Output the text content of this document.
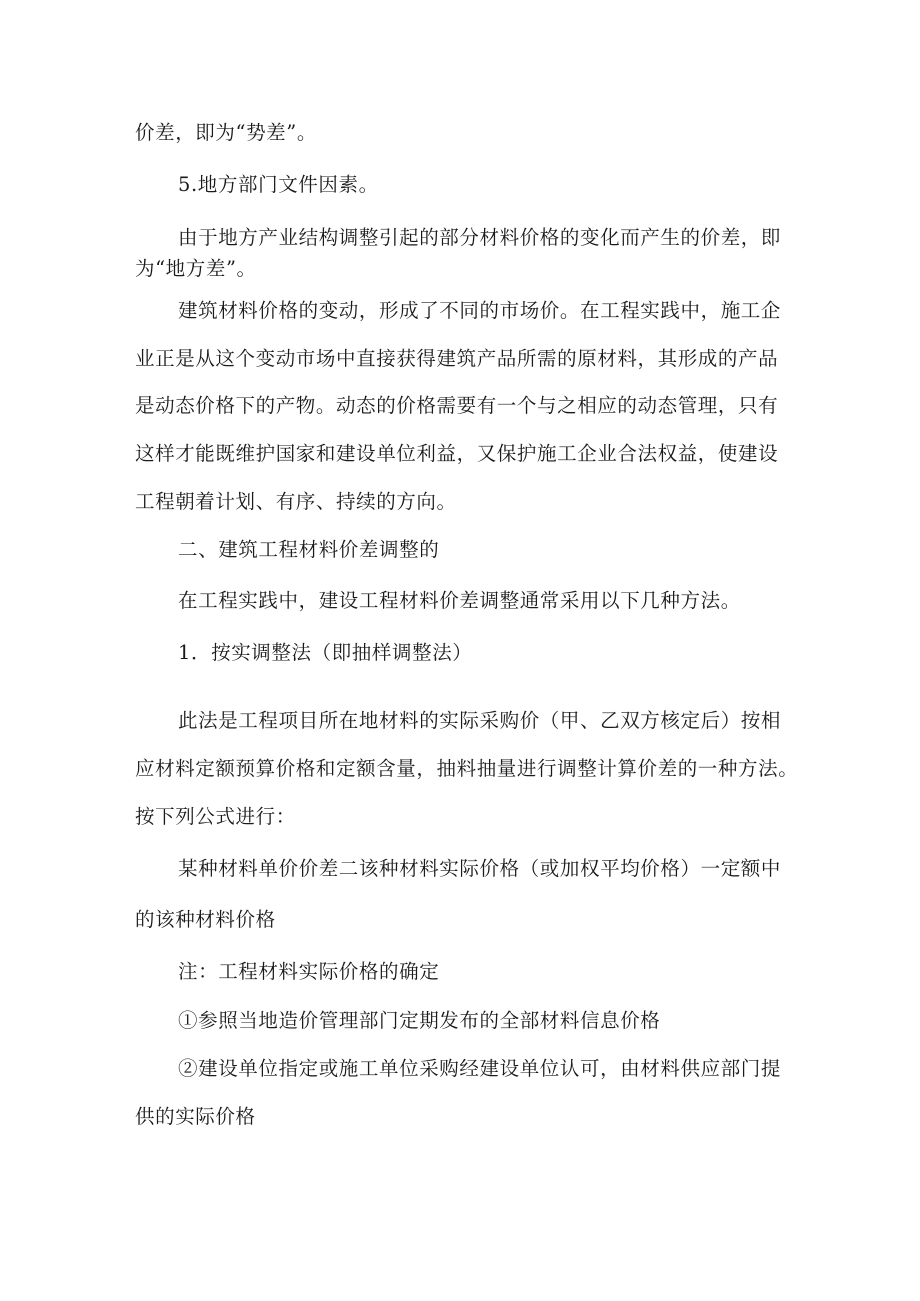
价差，即为“势差”。
5.地方部门文件因素。
由于地方产业结构调整引起的部分材料价格的变化而产生的价差，即
为“地方差”。
建筑材料价格的变动，形成了不同的市场价。在工程实践中，施工企
业正是从这个变动市场中直接获得建筑产品所需的原材料，其形成的产品
是动态价格下的产物。动态的价格需要有一个与之相应的动态管理，只有
这样才能既维护国家和建设单位利益，又保护施工企业合法权益，使建设
工程朝着计划、有序、持续的方向。
二、建筑工程材料价差调整的
在工程实践中，建设工程材料价差调整通常采用以下几种方法。
1．按实调整法（即抽样调整法）
此法是工程项目所在地材料的实际采购价（甲、乙双方核定后）按相
应材料定额预算价格和定额含量，抽料抽量进行调整计算价差的一种方法。
按下列公式进行：
某种材料单价价差二该种材料实际价格（或加权平均价格）一定额中
的该种材料价格
注：工程材料实际价格的确定
①参照当地造价管理部门定期发布的全部材料信息价格
②建设单位指定或施工单位采购经建设单位认可，由材料供应部门提
供的实际价格
